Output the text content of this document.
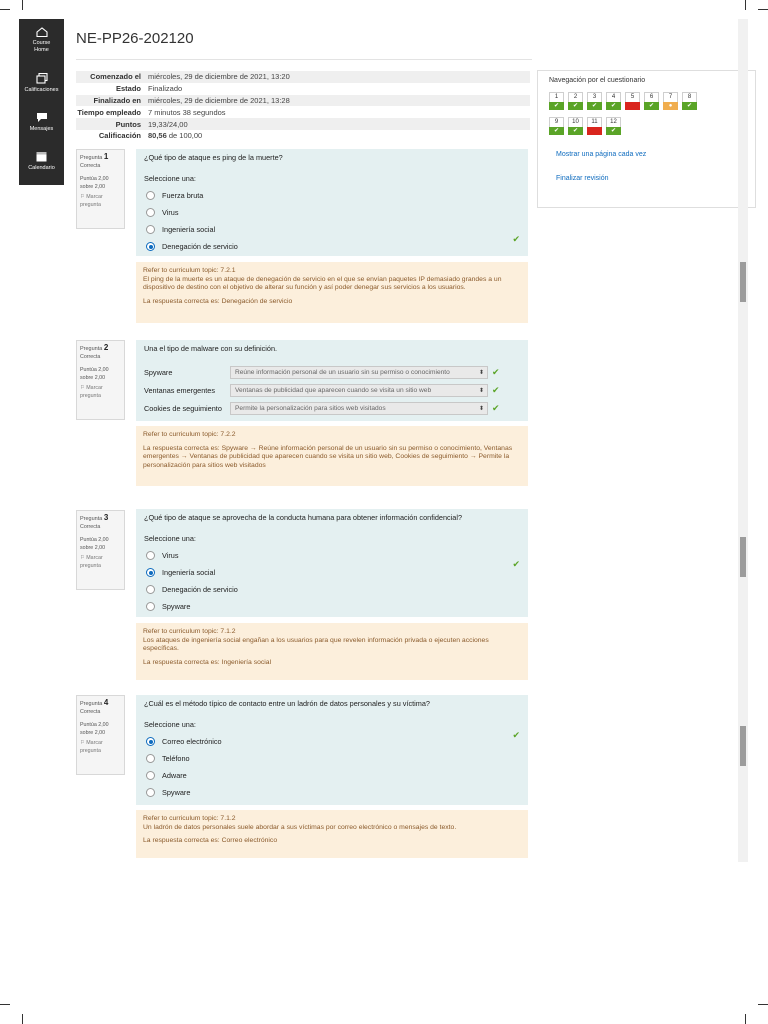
Course
Home
Calificaciones
Mensajes
Calendario
NE-PP26-202120
Comenzado el	miércoles, 29 de diciembre de 2021, 13:20
Estado	Finalizado
Finalizado en	miércoles, 29 de diciembre de 2021, 13:28
Tiempo empleado	7 minutos 38 segundos
Puntos	19,33/24,00
Calificación	80,56 de 100,00
Pregunta 1
Correcta
Puntúa 2,00
sobre 2,00
⚐ Marcar
pregunta
¿Qué tipo de ataque es ping de la muerte?
Seleccione una:
Fuerza bruta
Virus
Ingeniería social
Denegación de servicio
✔
Refer to curriculum topic: 7.2.1
El ping de la muerte es un ataque de denegación de servicio en el que se envían paquetes IP demasiado grandes a un dispositivo de destino con el objetivo de alterar su función y así poder denegar sus servicios a los usuarios.
La respuesta correcta es: Denegación de servicio
Pregunta 2
Correcta
Puntúa 2,00
sobre 2,00
⚐ Marcar
pregunta
Una el tipo de malware con su definición.
Spyware	Reúne información personal de un usuario sin su permiso o conocimiento	⬍ ✔
Ventanas emergentes	Ventanas de publicidad que aparecen cuando se visita un sitio web	⬍ ✔
Cookies de seguimiento	Permite la personalización para sitios web visitados	⬍ ✔
Refer to curriculum topic: 7.2.2
La respuesta correcta es: Spyware → Reúne información personal de un usuario sin su permiso o conocimiento, Ventanas emergentes → Ventanas de publicidad que aparecen cuando se visita un sitio web, Cookies de seguimiento → Permite la personalización para sitios web visitados
Pregunta 3
Correcta
Puntúa 2,00
sobre 2,00
⚐ Marcar
pregunta
¿Qué tipo de ataque se aprovecha de la conducta humana para obtener información confidencial?
Seleccione una:
Virus
Ingeniería social
Denegación de servicio
Spyware
✔
Refer to curriculum topic: 7.1.2
Los ataques de ingeniería social engañan a los usuarios para que revelen información privada o ejecuten acciones específicas.
La respuesta correcta es: Ingeniería social
Pregunta 4
Correcta
Puntúa 2,00
sobre 2,00
⚐ Marcar
pregunta
¿Cuál es el método típico de contacto entre un ladrón de datos personales y su víctima?
Seleccione una:
Correo electrónico
Teléfono
Adware
Spyware
✔
Refer to curriculum topic: 7.1.2
Un ladrón de datos personales suele abordar a sus víctimas por correo electrónico o mensajes de texto.
La respuesta correcta es: Correo electrónico
Navegación por el cuestionario
1
✔
2
✔
3
✔
4
✔
5	6
✔
7
●
8
✔
9
✔
10
✔
11	12
✔
Mostrar una página cada vez
Finalizar revisión
